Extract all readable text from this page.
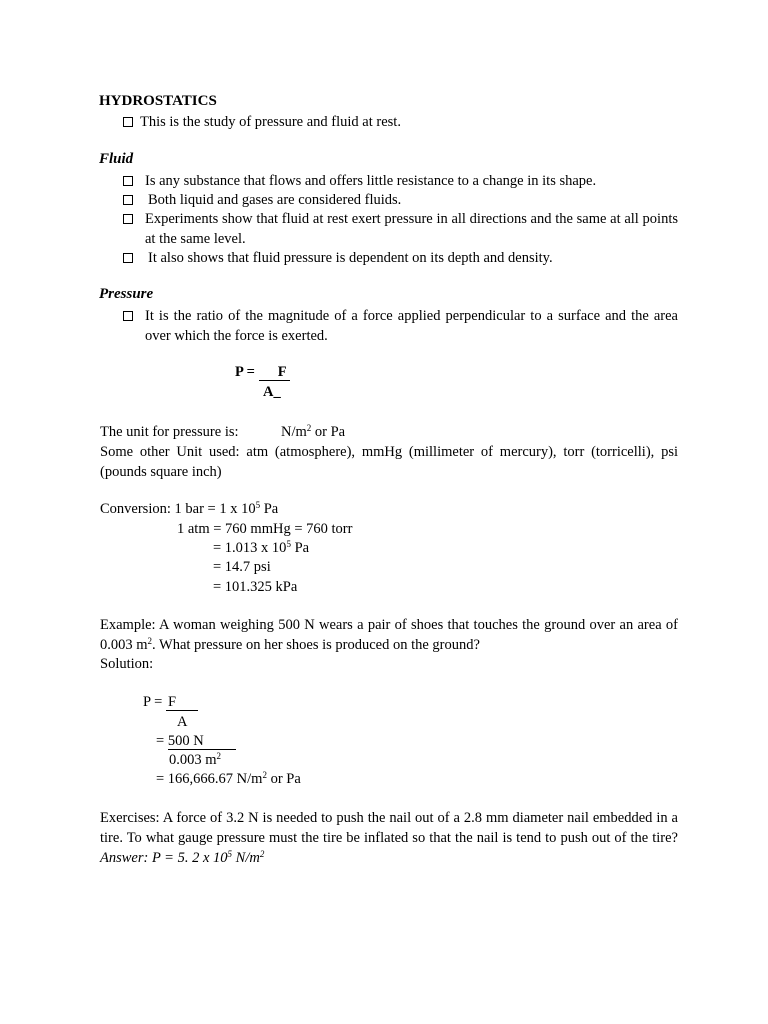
HYDROSTATICS
This is the study of pressure and fluid at rest.
Fluid
Is any substance that flows and offers little resistance to a change in its shape.
Both liquid and gases are considered fluids.
Experiments show that fluid at rest exert pressure in all directions and the same at all points at the same level.
It also shows that fluid pressure is dependent on its depth and density.
Pressure
It is the ratio of the magnitude of a force applied perpendicular to a surface and the area over which the force is exerted.
P = F
A_
The unit for pressure is:	$N/m^2$ or Pa
Some other Unit used: atm (atmosphere), mmHg (millimeter of mercury), torr (torricelli), psi (pounds square inch)
Conversion: 1 bar = 1 x $10^5$ Pa
1 atm = 760 mmHg = 760 torr
= 1.013 x $10^5$ Pa
= 14.7 psi
= 101.325 kPa
Example: A woman weighing 500 N wears a pair of shoes that touches the ground over an area of 0.003 $m^2$. What pressure on her shoes is produced on the ground?
Solution:
P = F
A
= 500 N
0.003 $m^2$
= 166,666.67 $N/m^2$ or Pa
Exercises: A force of 3.2 N is needed to push the nail out of a 2.8 mm diameter nail embedded in a tire. To what gauge pressure must the tire be inflated so that the nail is tend to push out of the tire? Answer: P = 5. 2 x $10^5$ $N/m^2$
